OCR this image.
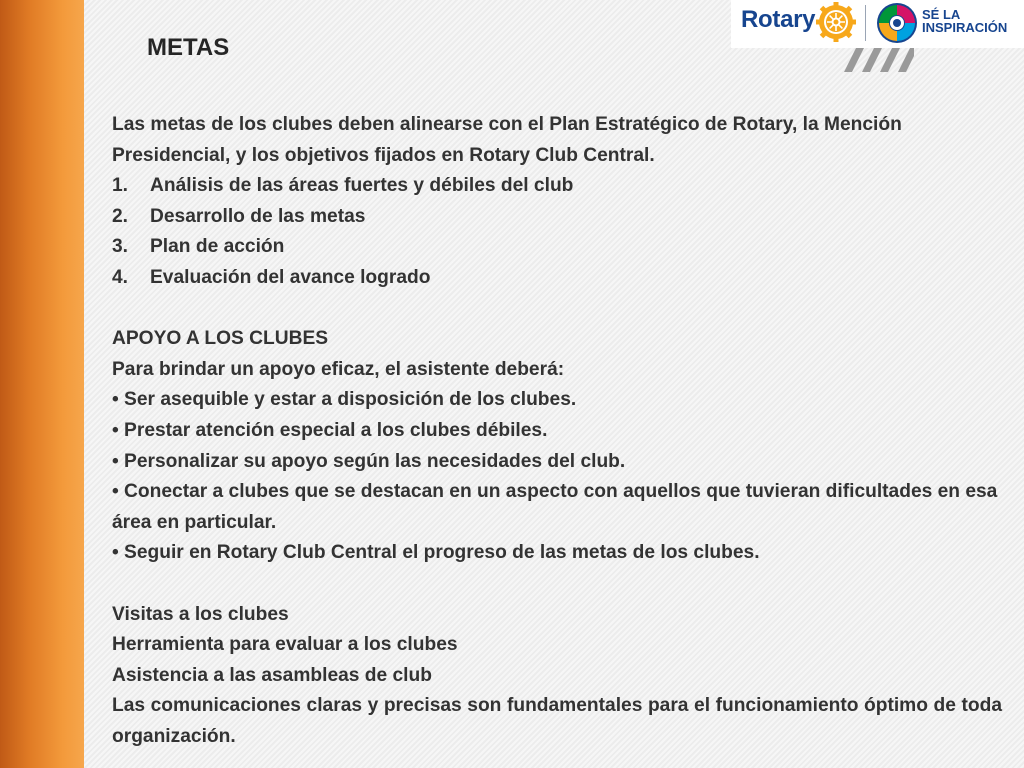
Rotary	SÉ LA
INSPIRACIÓN
METAS

Las metas de los clubes deben alinearse con el Plan Estratégico de Rotary, la Mención Presidencial, y los objetivos fijados en Rotary Club Central.

1. Análisis de las áreas fuertes y débiles del club
2. Desarrollo de las metas
3. Plan de acción
4. Evaluación del avance logrado

APOYO A LOS CLUBES

Para brindar un apoyo eficaz, el asistente deberá:

• Ser asequible y estar a disposición de los clubes.

• Prestar atención especial a los clubes débiles.

• Personalizar su apoyo según las necesidades del club.

• Conectar a clubes que se destacan en un aspecto con aquellos que tuvieran dificultades en esa área en particular.

• Seguir en Rotary Club Central el progreso de las metas de los clubes.

Visitas a los clubes

Herramienta para evaluar a los clubes

Asistencia a las asambleas de club

Las comunicaciones claras y precisas son fundamentales para el funcionamiento óptimo de toda organización.
